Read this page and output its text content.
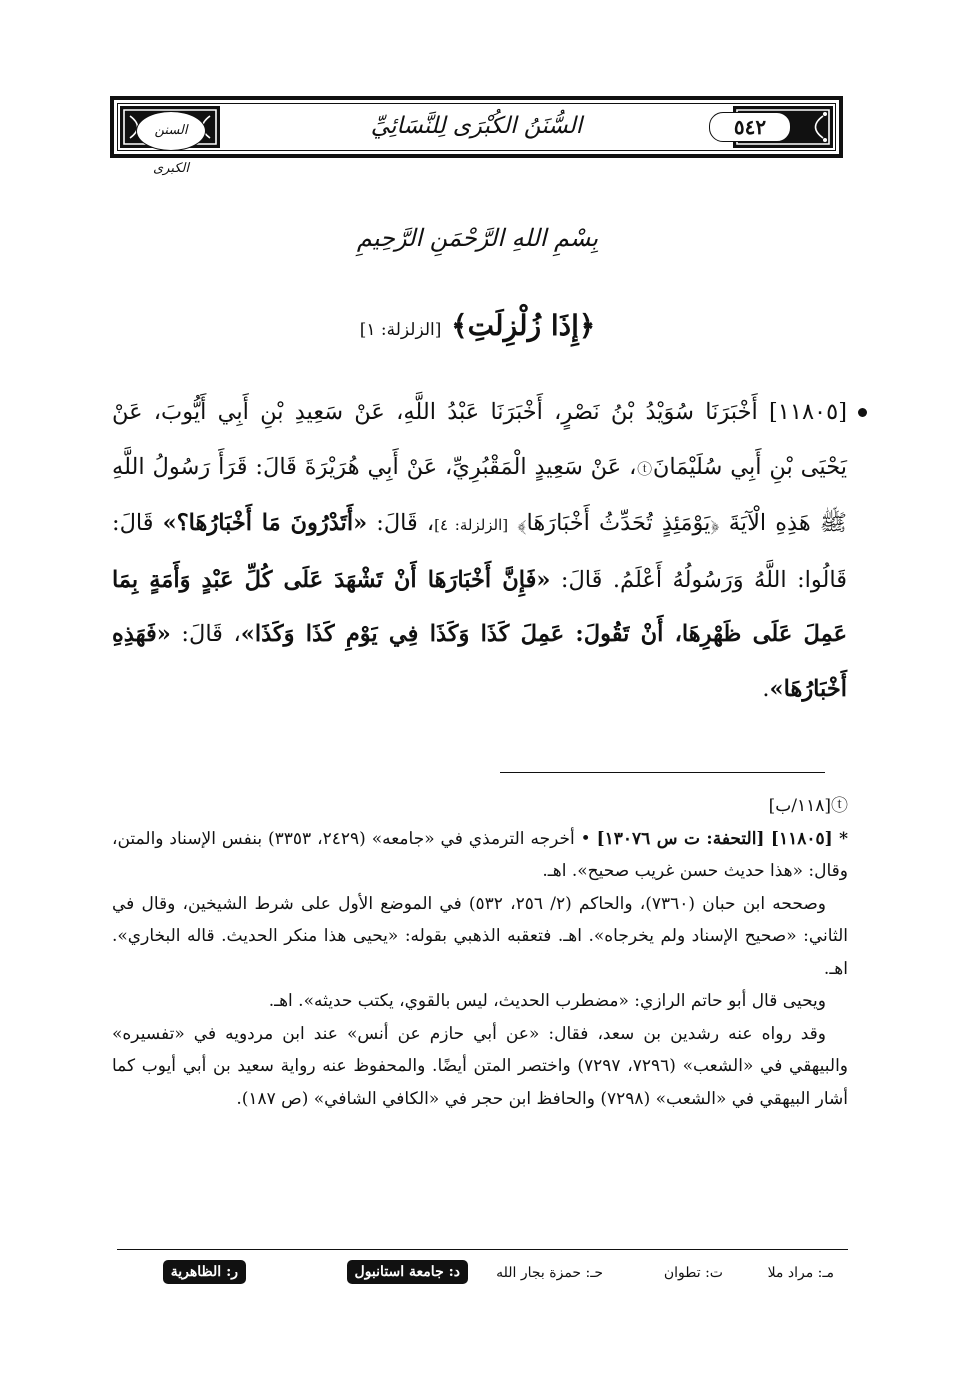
السنن الكبرى
٥٤٢
السُّنَنُ الكُبْرَى لِلنَّسَائِيِّ
بِسْمِ اللهِ الرَّحْمَنِ الرَّحِيمِ
﴿إِذَا زُلْزِلَتِ﴾ [الزلزلة: ١]

[١١٨٠٥] أَخْبَرَنَا سُوَيْدُ بْنُ نَصْرٍ، أَخْبَرَنَا عَبْدُ اللَّهِ، عَنْ سَعِيدِ بْنِ أَبِي أَيُّوبَ، عَنْ يَحْيَى بْنِ أَبِي سُلَيْمَانَⓣ، عَنْ سَعِيدٍ الْمَقْبُرِيِّ، عَنْ أَبِي هُرَيْرَةَ قَالَ: قَرَأَ رَسُولُ اللَّهِ ﷺ هَذِهِ الْآيَةَ ﴿يَوْمَئِذٍ تُحَدِّثُ أَخْبَارَهَا﴾ [الزلزلة: ٤]، قَالَ: «أَتَدْرُونَ مَا أَخْبَارُهَا؟» قَالَ: قَالُوا: اللَّهُ وَرَسُولُهُ أَعْلَمُ. قَالَ: «فَإِنَّ أَخْبَارَهَا أَنْ تَشْهَدَ عَلَى كُلِّ عَبْدٍ وَأَمَةٍ بِمَا عَمِلَ عَلَى ظَهْرِهَا، أَنْ تَقُولَ: عَمِلَ كَذَا وَكَذَا فِي يَوْمِ كَذَا وَكَذَا»، قَالَ: «فَهَذِهِ أَخْبَارُهَا».

ⓣ[١١٨/ب]

* [١١٨٠٥] [التحفة: ت س ١٣٠٧٦] • أخرجه الترمذي في «جامعه» (٢٤٢٩، ٣٣٥٣) بنفس الإسناد والمتن، وقال: «هذا حديث حسن غريب صحيح». اهـ.

وصححه ابن حبان (٧٣٦٠)، والحاكم (٢/ ٢٥٦، ٥٣٢) في الموضع الأول على شرط الشيخين، وقال في الثاني: «صحيح الإسناد ولم يخرجاه». اهـ. فتعقبه الذهبي بقوله: «يحيى هذا منكر الحديث. قاله البخاري». اهـ.

ويحيى قال أبو حاتم الرازي: «مضطرب الحديث، ليس بالقوي، يكتب حديثه». اهـ.

وقد رواه عنه رشدين بن سعد، فقال: «عن أبي حازم عن أنس» عند ابن مردويه في «تفسيره» والبيهقي في «الشعب» (٧٢٩٦، ٧٢٩٧) واختصر المتن أيضًا. والمحفوظ عنه رواية سعيد بن أبي أيوب كما أشار البيهقي في «الشعب» (٧٢٩٨) والحافظ ابن حجر في «الكافي الشافي» (ص ١٨٧).

مـ: مراد ملا
ت: تطوان
حـ: حمزة بجار الله
د: جامعة استانبول
ر: الظاهرية
